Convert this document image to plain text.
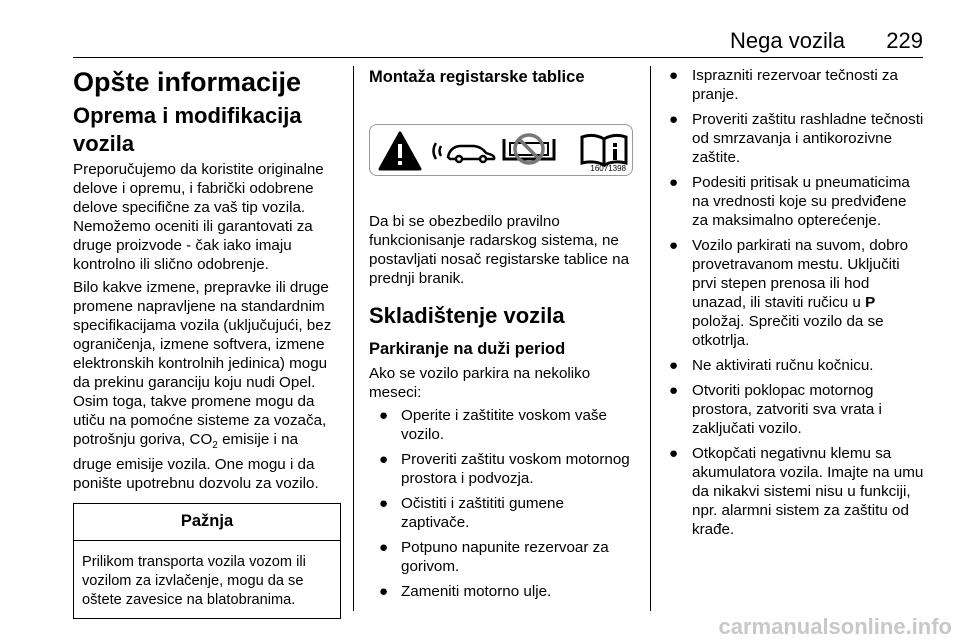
Nega vozila 229
Opšte informacije
Oprema i modifikacija vozila

Preporučujemo da koristite originalne delove i opremu, i fabrički odobrene delove specifične za vaš tip vozila. Nemožemo oceniti ili garantovati za druge proizvode - čak iako imaju kontrolno ili slično odobrenje.

Bilo kakve izmene, prepravke ili druge promene napravljene na standardnim specifikacijama vozila (uključujući, bez ograničenja, izmene softvera, izmene elektronskih kontrolnih jedinica) mogu da prekinu garanciju koju nudi Opel. Osim toga, takve promene mogu da utiču na pomoćne sisteme za vozača, potrošnju goriva, $CO_2$ emisije i na druge emisije vozila. One mogu i da ponište upotrebnu dozvolu za vozilo.

Pažnja
Prilikom transporta vozila vozom ili vozilom za izvlačenje, mogu da se oštete zavesice na blatobranima.
Montaža registarske tablice
16071398

Da bi se obezbedilo pravilno funkcionisanje radarskog sistema, ne postavljati nosač registarske tablice na prednji branik.

Skladištenje vozila
Parkiranje na duži period

Ako se vozilo parkira na nekoliko meseci:

● Operite i zaštitite voskom vaše vozilo.
● Proveriti zaštitu voskom motornog prostora i podvozja.
● Očistiti i zaštititi gumene zaptivače.
● Potpuno napunite rezervoar za gorivom.
● Zameniti motorno ulje.
● Isprazniti rezervoar tečnosti za pranje.
● Proveriti zaštitu rashladne tečnosti od smrzavanja i antikorozivne zaštite.
● Podesiti pritisak u pneumaticima na vrednosti koje su predviđene za maksimalno opterećenje.
● Vozilo parkirati na suvom, dobro provetravanom mestu. Uključiti prvi stepen prenosa ili hod unazad, ili staviti ručicu u P položaj. Sprečiti vozilo da se otkotrlja.
● Ne aktivirati ručnu kočnicu.
● Otvoriti poklopac motornog prostora, zatvoriti sva vrata i zaključati vozilo.
● Otkopčati negativnu klemu sa akumulatora vozila. Imajte na umu da nikakvi sistemi nisu u funkciji, npr. alarmni sistem za zaštitu od krađe.
carmanualsonline.info
